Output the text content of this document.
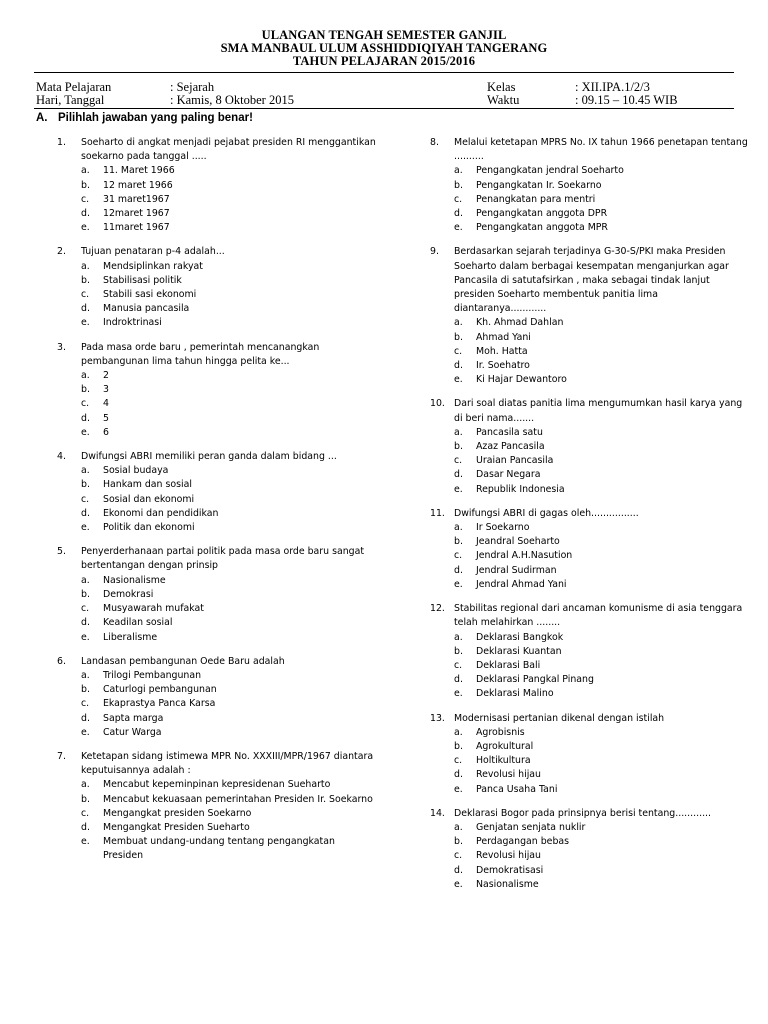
ULANGAN TENGAH SEMESTER GANJIL
SMA MANBAUL ULUM ASSHIDDIQIYAH TANGERANG
TAHUN PELAJARAN 2015/2016
Mata Pelajaran	: Sejarah	Kelas	: XII.IPA.1/2/3
Hari, Tanggal	: Kamis, 8 Oktober 2015	Waktu	: 09.15 – 10.45 WIB
A. Pilihlah jawaban yang paling benar!
1.	Soeharto di angkat menjadi pejabat presiden RI menggantikan soekarno pada tanggal .....
a.	11. Maret 1966
b.	12 maret 1966
c.	31 maret1967
d.	12maret 1967
e.	11maret 1967
2.	Tujuan penataran p-4 adalah...
a.	Mendsiplinkan rakyat
b.	Stabilisasi politik
c.	Stabili sasi ekonomi
d.	Manusia pancasila
e.	Indroktrinasi
3.	Pada masa orde baru , pemerintah mencanangkan pembangunan lima tahun hingga pelita ke...
a.	2
b.	3
c.	4
d.	5
e.	6
4.	Dwifungsi ABRI memiliki peran ganda dalam bidang ...
a.	Sosial budaya
b.	Hankam dan sosial
c.	Sosial dan ekonomi
d.	Ekonomi dan pendidikan
e.	Politik dan ekonomi
5.	Penyerderhanaan partai politik pada masa orde baru sangat bertentangan dengan prinsip
a.	Nasionalisme
b.	Demokrasi
c.	Musyawarah mufakat
d.	Keadilan sosial
e.	Liberalisme
6.	Landasan pembangunan Oede Baru adalah
a.	Trilogi Pembangunan
b.	Caturlogi pembangunan
c.	Ekaprastya Panca Karsa
d.	Sapta marga
e.	Catur Warga
7.	Ketetapan sidang istimewa MPR No. XXXIII/MPR/1967 diantara keputuisannya adalah :
a.	Mencabut kepeminpinan kepresidenan Sueharto
b.	Mencabut kekuasaan pemerintahan Presiden Ir. Soekarno
c.	Mengangkat presiden Soekarno
d.	Mengangkat Presiden Sueharto
e.	Membuat undang-undang tentang pengangkatan Presiden
8.	Melalui ketetapan MPRS No. IX tahun 1966 penetapan tentang ..........
a.	Pengangkatan jendral Soeharto
b.	Pengangkatan Ir. Soekarno
c.	Penangkatan para mentri
d.	Pengangkatan anggota DPR
e.	Pengangkatan anggota MPR
9.	Berdasarkan sejarah terjadinya G-30-S/PKI maka Presiden Soeharto dalam berbagai kesempatan menganjurkan agar Pancasila di satutafsirkan , maka sebagai tindak lanjut presiden Soeharto membentuk panitia lima diantaranya............
a.	Kh. Ahmad Dahlan
b.	Ahmad Yani
c.	Moh. Hatta
d.	Ir. Soehatro
e.	Ki Hajar Dewantoro
10. Dari soal diatas panitia lima mengumumkan hasil karya yang di beri nama.......
a.	Pancasila satu
b.	Azaz Pancasila
c.	Uraian Pancasila
d.	Dasar Negara
e.	Republik Indonesia
11. Dwifungsi ABRI di gagas oleh................
a.	Ir Soekarno
b.	Jeandral Soeharto
c.	Jendral A.H.Nasution
d.	Jendral Sudirman
e.	Jendral Ahmad Yani
12. Stabilitas regional dari ancaman komunisme di asia tenggara telah melahirkan ........
a.	Deklarasi Bangkok
b.	Deklarasi Kuantan
c.	Deklarasi Bali
d.	Deklarasi Pangkal Pinang
e.	Deklarasi Malino
13. Modernisasi pertanian dikenal dengan istilah
a.	Agrobisnis
b.	Agrokultural
c.	Holtikultura
d.	Revolusi hijau
e.	Panca Usaha Tani
14. Deklarasi Bogor pada prinsipnya berisi tentang............
a.	Genjatan senjata nuklir
b.	Perdagangan bebas
c.	Revolusi hijau
d.	Demokratisasi
e.	Nasionalisme
